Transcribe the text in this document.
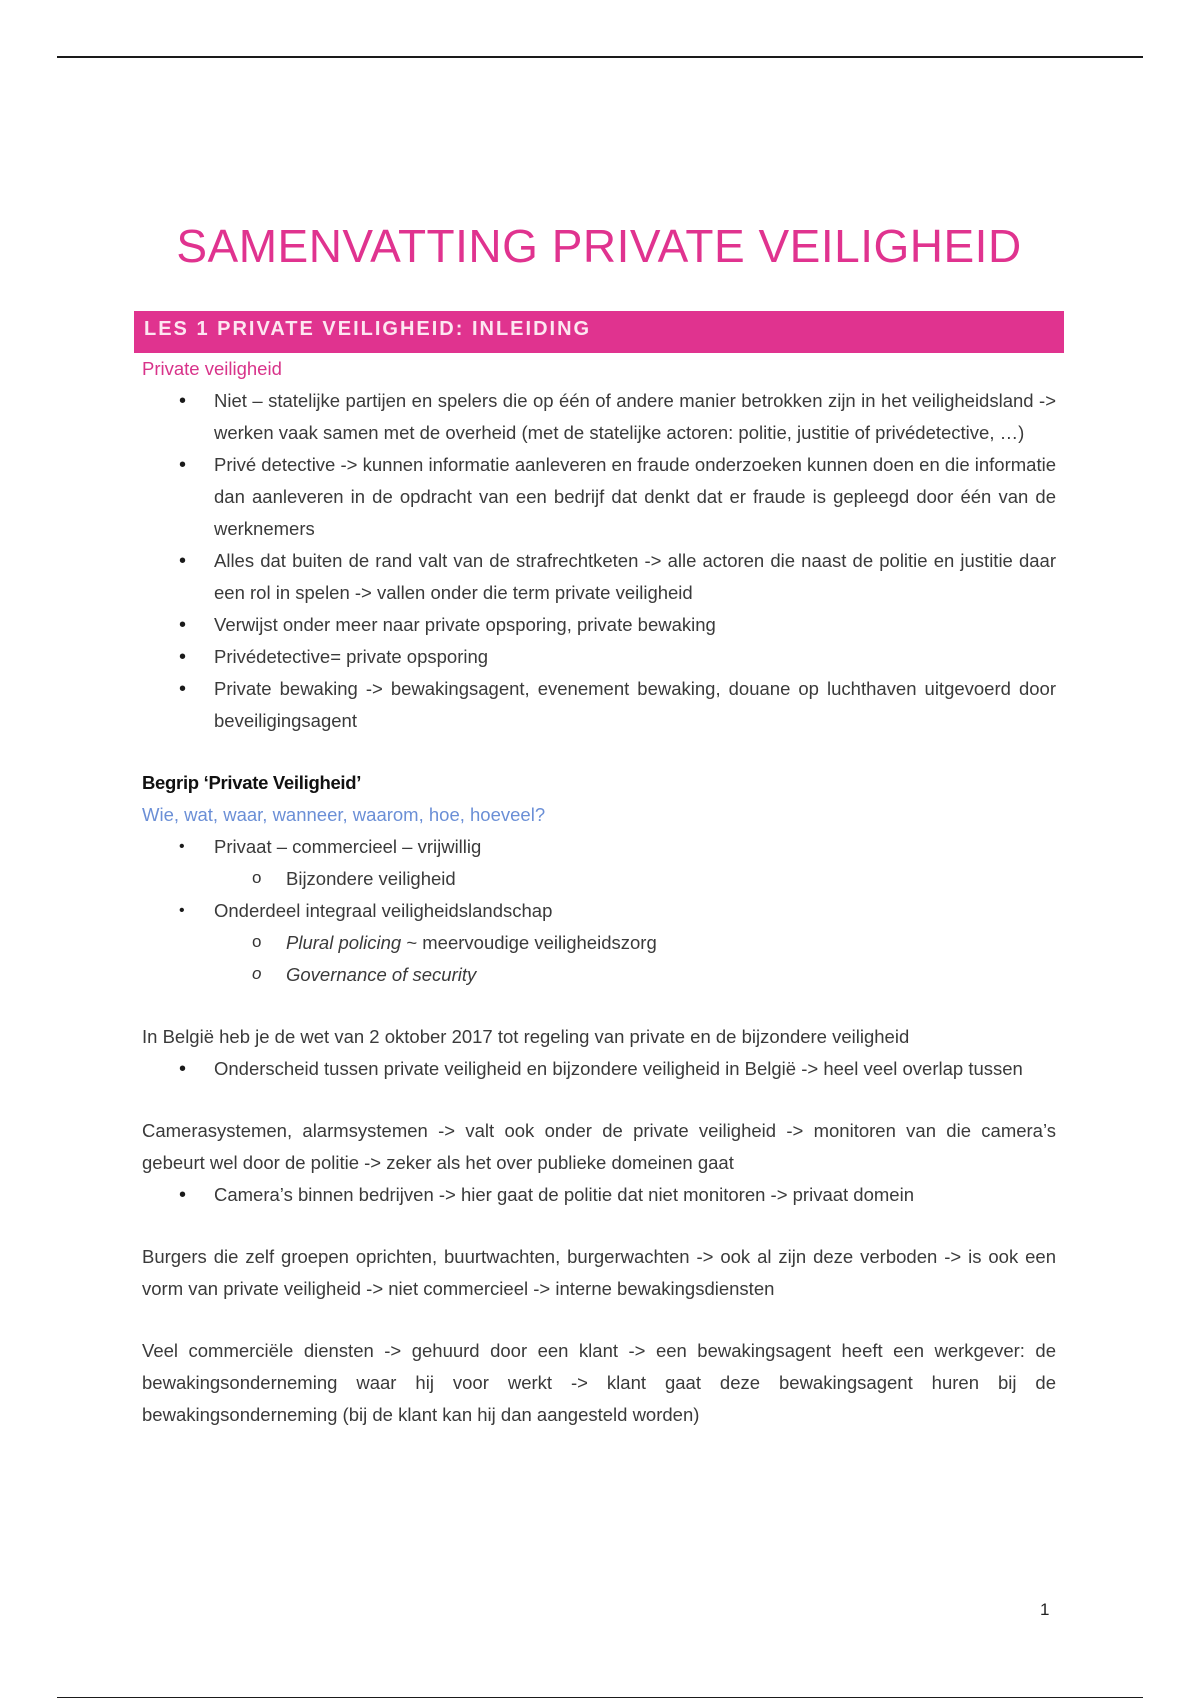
SAMENVATTING PRIVATE VEILIGHEID
LES 1 PRIVATE VEILIGHEID: INLEIDING
Private veiligheid
• Niet – statelijke partijen en spelers die op één of andere manier betrokken zijn in het veiligheidsland -> werken vaak samen met de overheid (met de statelijke actoren: politie, justitie of privédetective, …)
• Privé detective -> kunnen informatie aanleveren en fraude onderzoeken kunnen doen en die informatie dan aanleveren in de opdracht van een bedrijf dat denkt dat er fraude is gepleegd door één van de werknemers
• Alles dat buiten de rand valt van de strafrechtketen -> alle actoren die naast de politie en justitie daar een rol in spelen -> vallen onder die term private veiligheid
• Verwijst onder meer naar private opsporing, private bewaking
• Privédetective= private opsporing
• Private bewaking -> bewakingsagent, evenement bewaking, douane op luchthaven uitgevoerd door beveiligingsagent
Begrip ‘Private Veiligheid’
Wie, wat, waar, wanneer, waarom, hoe, hoeveel?
• Privaat – commercieel – vrijwillig
o Bijzondere veiligheid
• Onderdeel integraal veiligheidslandschap
o Plural policing ~ meervoudige veiligheidszorg
o Governance of security

In België heb je de wet van 2 oktober 2017 tot regeling van private en de bijzondere veiligheid

• Onderscheid tussen private veiligheid en bijzondere veiligheid in België -> heel veel overlap tussen

Camerasystemen, alarmsystemen -> valt ook onder de private veiligheid -> monitoren van die camera’s gebeurt wel door de politie -> zeker als het over publieke domeinen gaat

• Camera’s binnen bedrijven -> hier gaat de politie dat niet monitoren -> privaat domein

Burgers die zelf groepen oprichten, buurtwachten, burgerwachten -> ook al zijn deze verboden -> is ook een vorm van private veiligheid -> niet commercieel -> interne bewakingsdiensten

Veel commerciële diensten -> gehuurd door een klant -> een bewakingsagent heeft een werkgever: de bewakingsonderneming waar hij voor werkt -> klant gaat deze bewakingsagent huren bij de bewakingsonderneming (bij de klant kan hij dan aangesteld worden)

1
